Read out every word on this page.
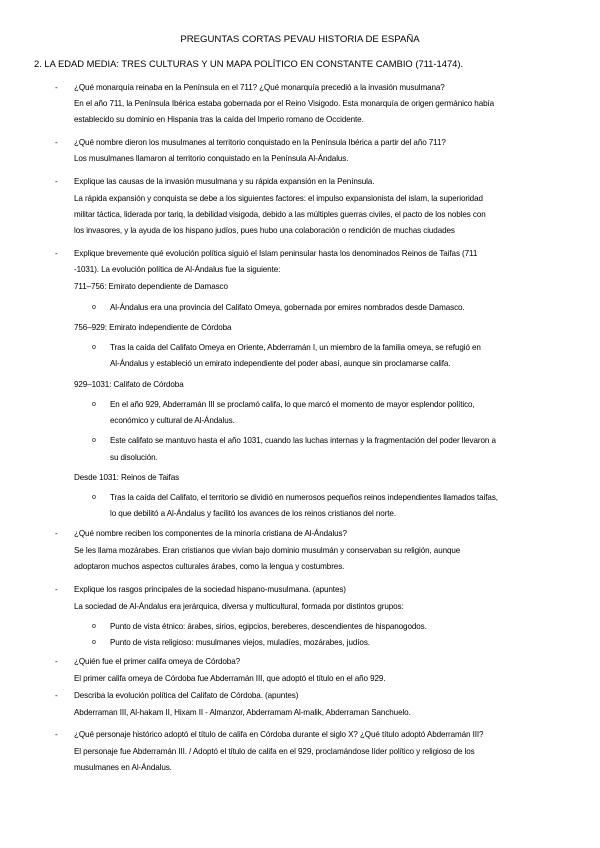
PREGUNTAS CORTAS PEVAU HISTORIA DE ESPAÑA
2. LA EDAD MEDIA: TRES CULTURAS Y UN MAPA POLÍTICO EN CONSTANTE CAMBIO (711-1474).
¿Qué monarquía reinaba en la Península en el 711? ¿Qué monarquía precedió a la invasión musulmana?
-
En el año 711, la Península Ibérica estaba gobernada por el Reino Visigodo. Esta monarquía de origen germánico había
establecido su dominio en Hispania tras la caída del Imperio romano de Occidente.
¿Qué nombre dieron los musulmanes al territorio conquistado en la Península Ibérica a partir del año 711?
-
Los musulmanes llamaron al territorio conquistado en la Península Al-Ándalus.
Explique las causas de la invasión musulmana y su rápida expansión en la Península.
-
La rápida expansión y conquista se debe a los siguientes factores: el impulso expansionista del islam, la superioridad
militar táctica, liderada por tariq, la debilidad visigoda, debido a las múltiples guerras civiles, el pacto de los nobles con
los invasores, y la ayuda de los hispano judíos, pues hubo una colaboración o rendición de muchas ciudades
Explique brevemente qué evolución política siguió el Islam peninsular hasta los denominados Reinos de Taifas (711
-
-1031). La evolución política de Al-Ándalus fue la siguiente:
711–756: Emirato dependiente de Damasco
Al-Ándalus era una provincia del Califato Omeya, gobernada por emires nombrados desde Damasco.
o
756–929: Emirato independiente de Córdoba
Tras la caída del Califato Omeya en Oriente, Abderramán I, un miembro de la familia omeya, se refugió en
o
Al-Ándalus y estableció un emirato independiente del poder abasí, aunque sin proclamarse califa.
929–1031: Califato de Córdoba
En el año 929, Abderramán III se proclamó califa, lo que marcó el momento de mayor esplendor político,
o
económico y cultural de Al-Ándalus.
Este califato se mantuvo hasta el año 1031, cuando las luchas internas y la fragmentación del poder llevaron a
o
su disolución.
Desde 1031: Reinos de Taifas
Tras la caída del Califato, el territorio se dividió en numerosos pequeños reinos independientes llamados taifas,
o
lo que debilitó a Al-Ándalus y facilitó los avances de los reinos cristianos del norte.
¿Qué nombre reciben los componentes de la minoría cristiana de Al-Ándalus?
-
Se les llama mozárabes. Eran cristianos que vivían bajo dominio musulmán y conservaban su religión, aunque
adoptaron muchos aspectos culturales árabes, como la lengua y costumbres.
Explique los rasgos principales de la sociedad hispano-musulmana. (apuntes)
-
La sociedad de Al-Ándalus era jerárquica, diversa y multicultural, formada por distintos grupos:
Punto de vista étnico: árabes, sirios, egipcios, bereberes, descendientes de hispanogodos.
o
Punto de vista religioso: musulmanes viejos, muladíes, mozárabes, judíos.
o
¿Quién fue el primer califa omeya de Córdoba?
-
El primer califa omeya de Córdoba fue Abderramán III, que adoptó el título en el año 929.
Describa la evolución política del Califato de Córdoba. (apuntes)
-
Abderraman III, Al-hakam II, Hixam II - Almanzor, Abderramam Al-malik, Abderraman Sanchuelo.
¿Qué personaje histórico adoptó el título de califa en Córdoba durante el siglo X? ¿Qué título adoptó Abderramán III?
-
El personaje fue Abderramán III. / Adoptó el título de califa en el 929, proclamándose líder político y religioso de los
musulmanes en Al-Ándalus.
